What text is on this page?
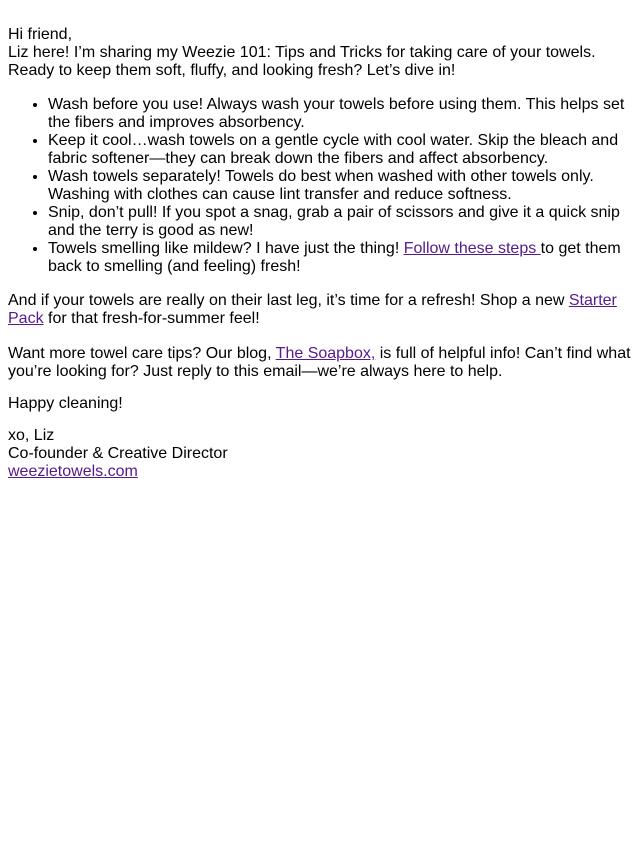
Hi friend,

Liz here! I’m sharing my Weezie 101: Tips and Tricks for taking care of your towels.

Ready to keep them soft, fluffy, and looking fresh? Let’s dive in!

• Wash before you use! Always wash your towels before using them. This helps set the fibers and improves absorbency.
• Keep it cool…wash towels on a gentle cycle with cool water. Skip the bleach and fabric softener—they can break down the fibers and affect absorbency.
• Wash towels separately! Towels do best when washed with other towels only. Washing with clothes can cause lint transfer and reduce softness.
• Snip, don’t pull! If you spot a snag, grab a pair of scissors and give it a quick snip and the terry is good as new!
• Towels smelling like mildew? I have just the thing! Follow these steps to get them back to smelling (and feeling) fresh!

And if your towels are really on their last leg, it’s time for a refresh! Shop a new Starter Pack for that fresh-for-summer feel!

Want more towel care tips? Our blog, The Soapbox, is full of helpful info! Can’t find what you’re looking for? Just reply to this email—we’re always here to help.

Happy cleaning!

xo, Liz

Co-founder & Creative Director

weezietowels.com
